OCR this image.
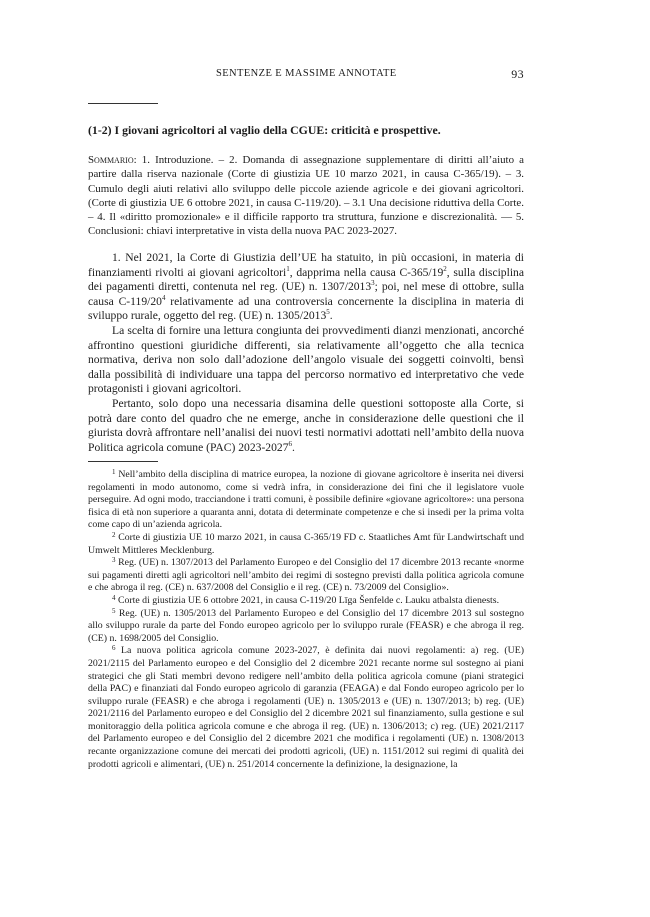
SENTENZE E MASSIME ANNOTATE	93
(1-2) I giovani agricoltori al vaglio della CGUE: criticità e prospettive.
Sommario: 1. Introduzione. – 2. Domanda di assegnazione supplementare di diritti all’aiuto a partire dalla riserva nazionale (Corte di giustizia UE 10 marzo 2021, in causa C-365/19). – 3. Cumulo degli aiuti relativi allo sviluppo delle piccole aziende agricole e dei giovani agricoltori. (Corte di giustizia UE 6 ottobre 2021, in causa C-119/20). – 3.1 Una decisione riduttiva della Corte. – 4. Il «diritto promozionale» e il difficile rapporto tra struttura, funzione e discrezionalità. — 5. Conclusioni: chiavi interpretative in vista della nuova PAC 2023-2027.

1. Nel 2021, la Corte di Giustizia dell’UE ha statuito, in più occasioni, in materia di finanziamenti rivolti ai giovani agricoltori$^1$, dapprima nella causa $C-365/19^2$, sulla disciplina dei pagamenti diretti, contenuta nel reg. (UE) n. 1307/2013$^3$; poi, nel mese di ottobre, sulla causa $C-119/20^4$ relativamente ad una controversia concernente la disciplina in materia di sviluppo rurale, oggetto del reg. (UE) n. 1305/2013$^5$.

La scelta di fornire una lettura congiunta dei provvedimenti dianzi menzionati, ancorché affrontino questioni giuridiche differenti, sia relativamente all’oggetto che alla tecnica normativa, deriva non solo dall’adozione dell’angolo visuale dei soggetti coinvolti, bensì dalla possibilità di individuare una tappa del percorso normativo ed interpretativo che vede protagonisti i giovani agricoltori.

Pertanto, solo dopo una necessaria disamina delle questioni sottoposte alla Corte, si potrà dare conto del quadro che ne emerge, anche in considerazione delle questioni che il giurista dovrà affrontare nell’analisi dei nuovi testi normativi adottati nell’ambito della nuova Politica agricola comune (PAC) 2023-2027$^6$.

$^1$ Nell’ambito della disciplina di matrice europea, la nozione di giovane agricoltore è inserita nei diversi regolamenti in modo autonomo, come si vedrà infra, in considerazione dei fini che il legislatore vuole perseguire. Ad ogni modo, tracciandone i tratti comuni, è possibile definire «giovane agricoltore»: una persona fisica di età non superiore a quaranta anni, dotata di determinate competenze e che si insedi per la prima volta come capo di un’azienda agricola.

$^2$ Corte di giustizia UE 10 marzo 2021, in causa C-365/19 FD c. Staatliches Amt für Landwirtschaft und Umwelt Mittleres Mecklenburg.

$^3$ Reg. (UE) n. 1307/2013 del Parlamento Europeo e del Consiglio del 17 dicembre 2013 recante «norme sui pagamenti diretti agli agricoltori nell’ambito dei regimi di sostegno previsti dalla politica agricola comune e che abroga il reg. (CE) n. 637/2008 del Consiglio e il reg. (CE) n. 73/2009 del Consiglio».

$^4$ Corte di giustizia UE 6 ottobre 2021, in causa C-119/20 Līga Šenfelde c. Lauku atbalsta dienests.

$^5$ Reg. (UE) n. 1305/2013 del Parlamento Europeo e del Consiglio del 17 dicembre 2013 sul sostegno allo sviluppo rurale da parte del Fondo europeo agricolo per lo sviluppo rurale (FEASR) e che abroga il reg. (CE) n. 1698/2005 del Consiglio.

$^6$ La nuova politica agricola comune 2023-2027, è definita dai nuovi regolamenti: a) reg. (UE) 2021/2115 del Parlamento europeo e del Consiglio del 2 dicembre 2021 recante norme sul sostegno ai piani strategici che gli Stati membri devono redigere nell’ambito della politica agricola comune (piani strategici della PAC) e finanziati dal Fondo europeo agricolo di garanzia (FEAGA) e dal Fondo europeo agricolo per lo sviluppo rurale (FEASR) e che abroga i regolamenti (UE) n. 1305/2013 e (UE) n. 1307/2013; b) reg. (UE) 2021/2116 del Parlamento europeo e del Consiglio del 2 dicembre 2021 sul finanziamento, sulla gestione e sul monitoraggio della politica agricola comune e che abroga il reg. (UE) n. 1306/2013; c) reg. (UE) 2021/2117 del Parlamento europeo e del Consiglio del 2 dicembre 2021 che modifica i regolamenti (UE) n. 1308/2013 recante organizzazione comune dei mercati dei prodotti agricoli, (UE) n. 1151/2012 sui regimi di qualità dei prodotti agricoli e alimentari, (UE) n. 251/2014 concernente la definizione, la designazione, la
